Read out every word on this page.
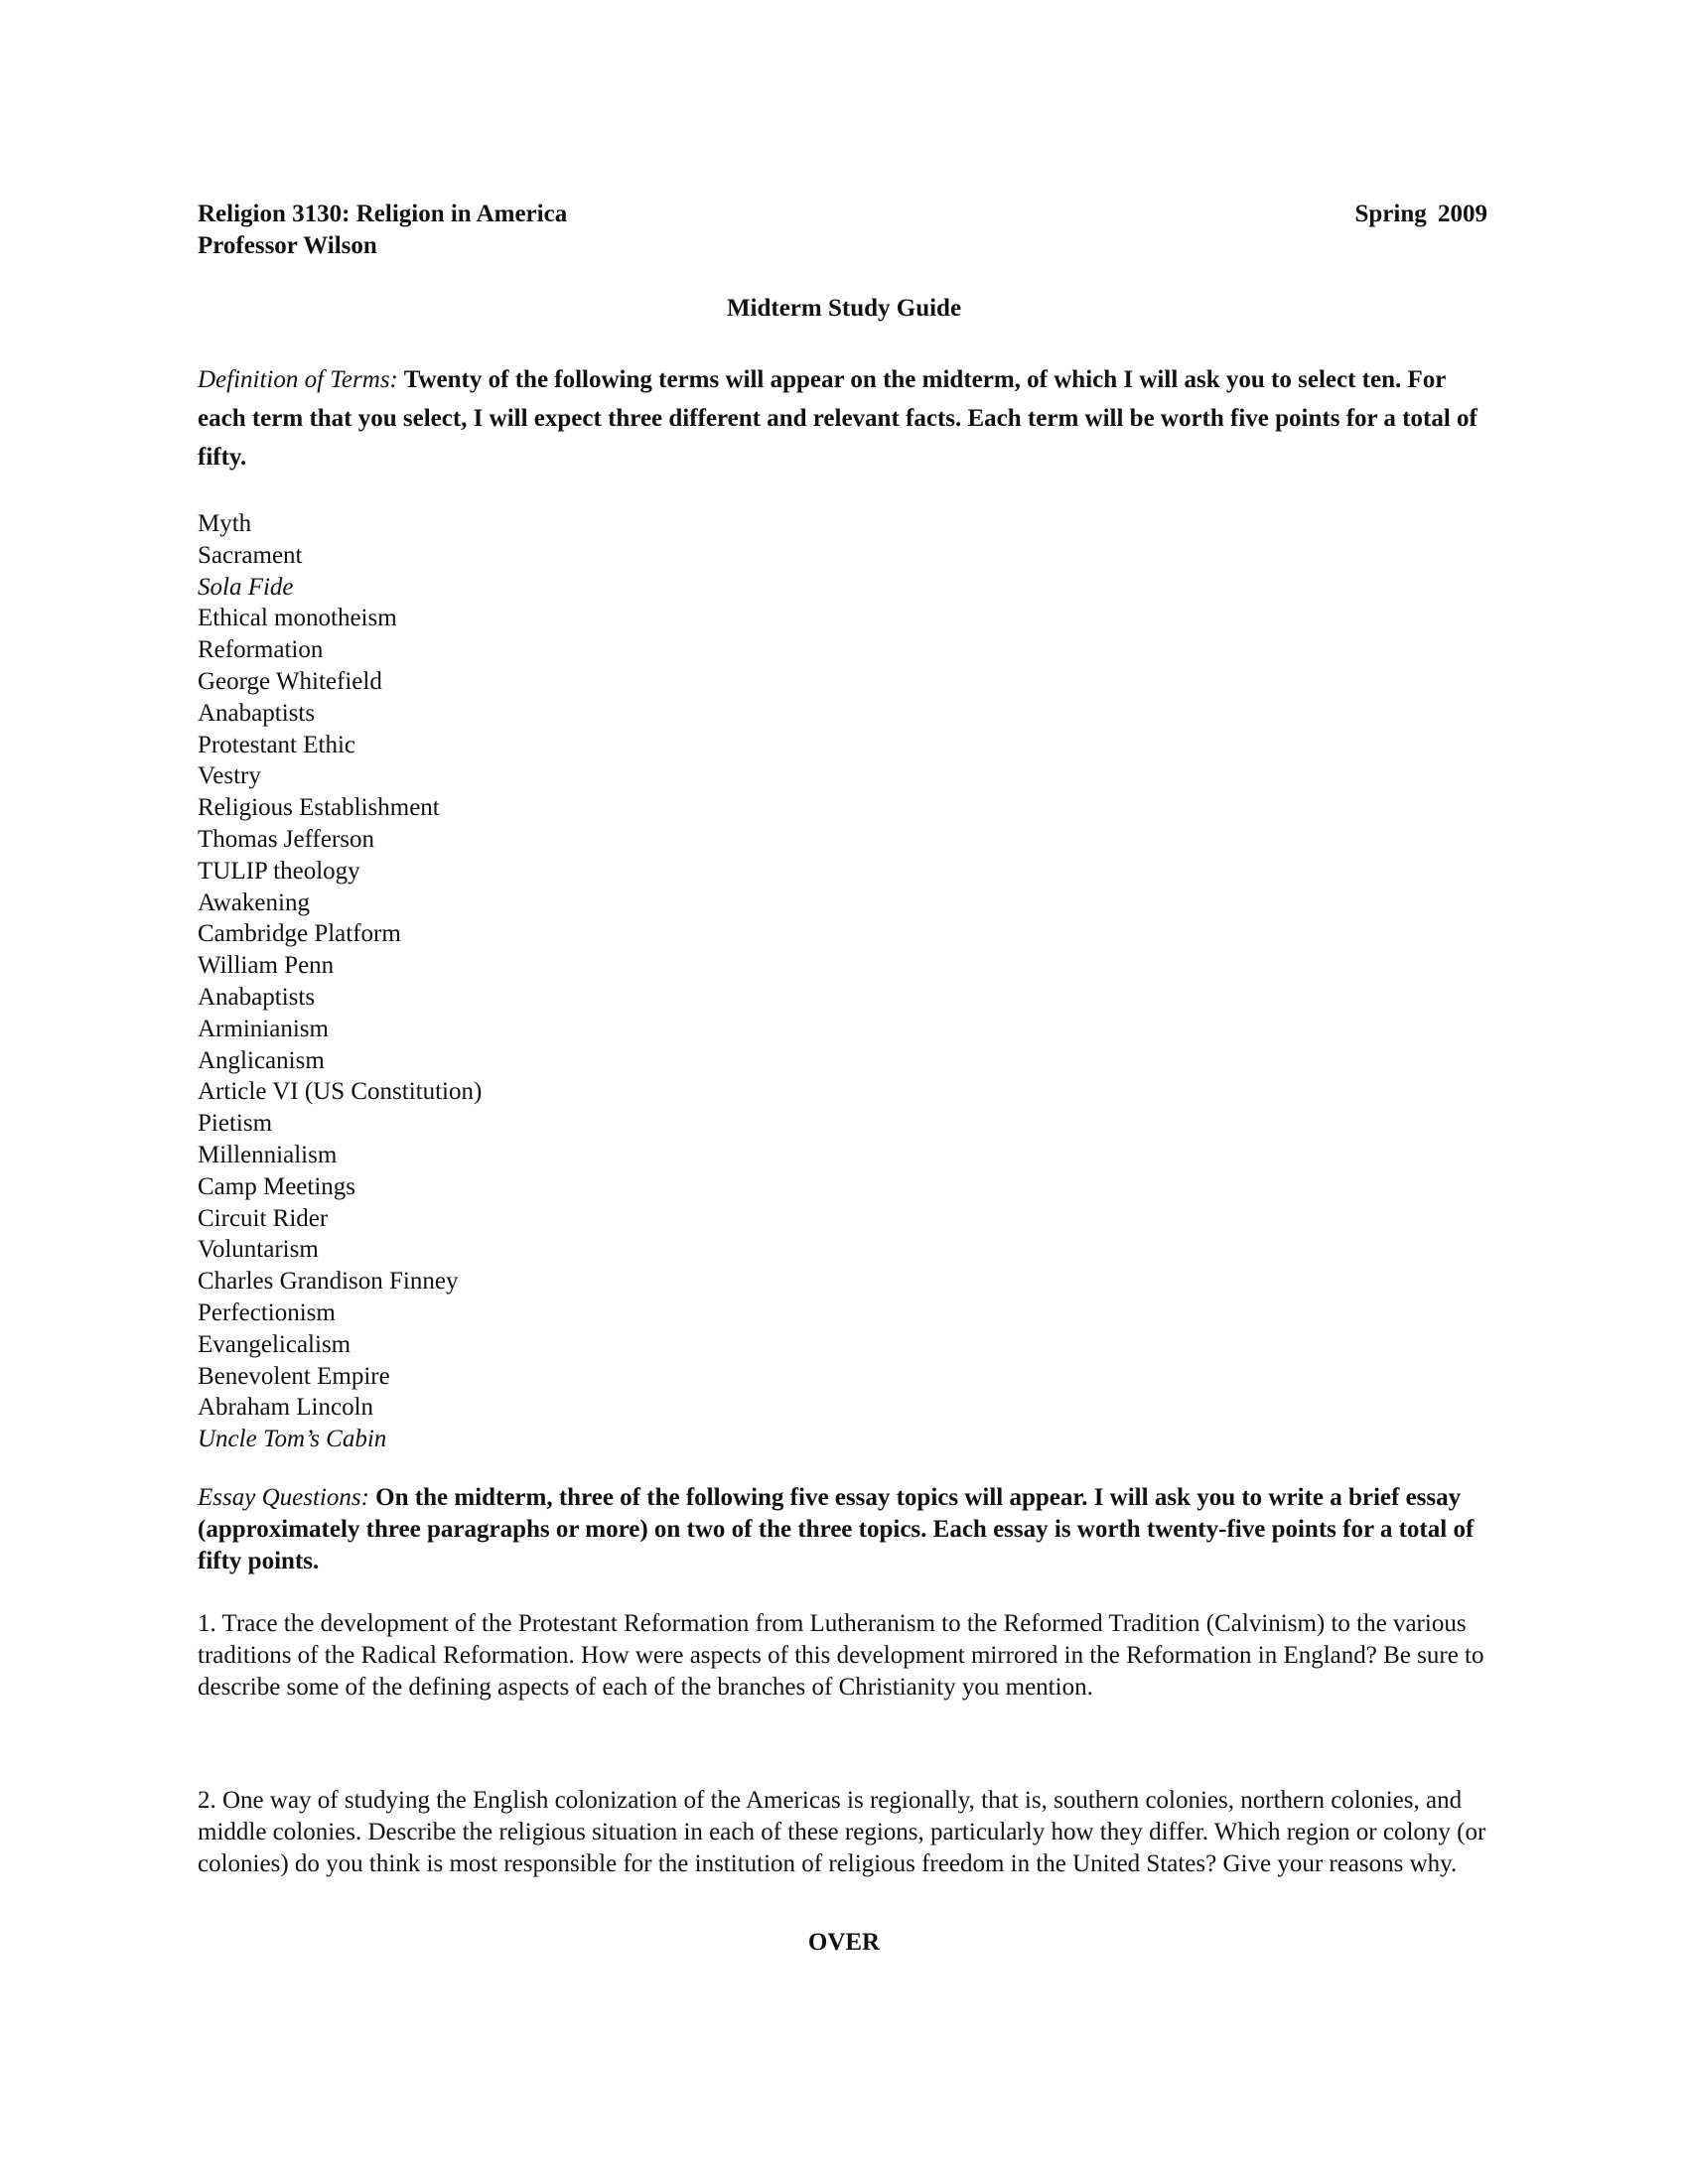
Religion 3130: Religion in America
Professor Wilson
Spring 2009
Midterm Study Guide
Definition of Terms: Twenty of the following terms will appear on the midterm, of which I will ask you to select ten. For each term that you select, I will expect three different and relevant facts. Each term will be worth five points for a total of fifty.
Myth
Sacrament
Sola Fide
Ethical monotheism
Reformation
George Whitefield
Anabaptists
Protestant Ethic
Vestry
Religious Establishment
Thomas Jefferson
TULIP theology
Awakening
Cambridge Platform
William Penn
Anabaptists
Arminianism
Anglicanism
Article VI (US Constitution)
Pietism
Millennialism
Camp Meetings
Circuit Rider
Voluntarism
Charles Grandison Finney
Perfectionism
Evangelicalism
Benevolent Empire
Abraham Lincoln
Uncle Tom’s Cabin
Essay Questions: On the midterm, three of the following five essay topics will appear. I will ask you to write a brief essay (approximately three paragraphs or more) on two of the three topics. Each essay is worth twenty-five points for a total of fifty points.

1. Trace the development of the Protestant Reformation from Lutheranism to the Reformed Tradition (Calvinism) to the various traditions of the Radical Reformation. How were aspects of this development mirrored in the Reformation in England? Be sure to describe some of the defining aspects of each of the branches of Christianity you mention.

2. One way of studying the English colonization of the Americas is regionally, that is, southern colonies, northern colonies, and middle colonies. Describe the religious situation in each of these regions, particularly how they differ. Which region or colony (or colonies) do you think is most responsible for the institution of religious freedom in the United States? Give your reasons why.

OVER
